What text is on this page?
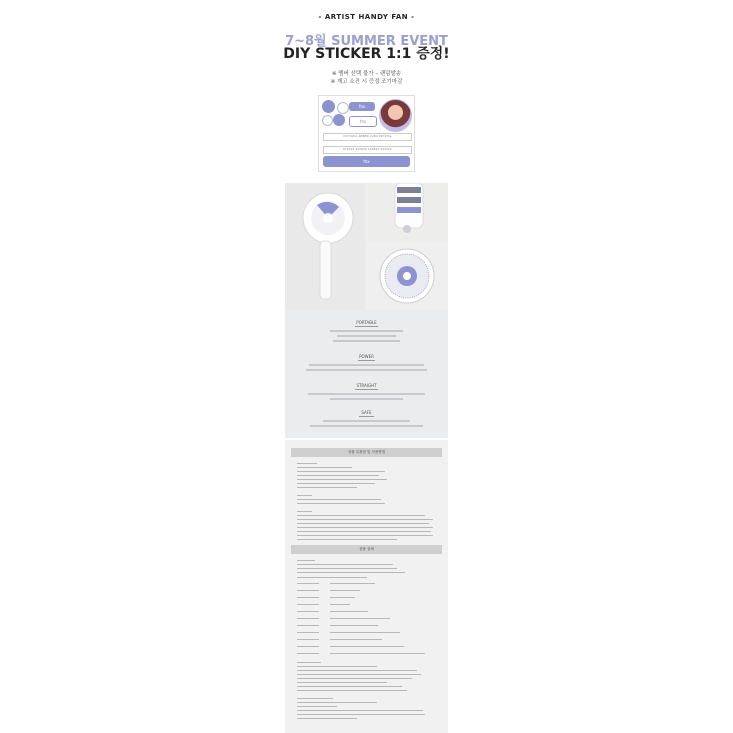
- ARTIST HANDY FAN -
7~8월 SUMMER EVENT
DIY STICKER 1:1 증정!
※ 멤버 선택 불가 – 랜덤발송
※ 재고 소진 시 증정 조기마감
fπx
fπx
VICTORIA AMBER LUNA KRYSTAL
870202 920918 930812 941024
fπx
PORTABLE
POWER
STRAIGHT
SAFE
상품 특장점 및 사용방법
상품 상세
